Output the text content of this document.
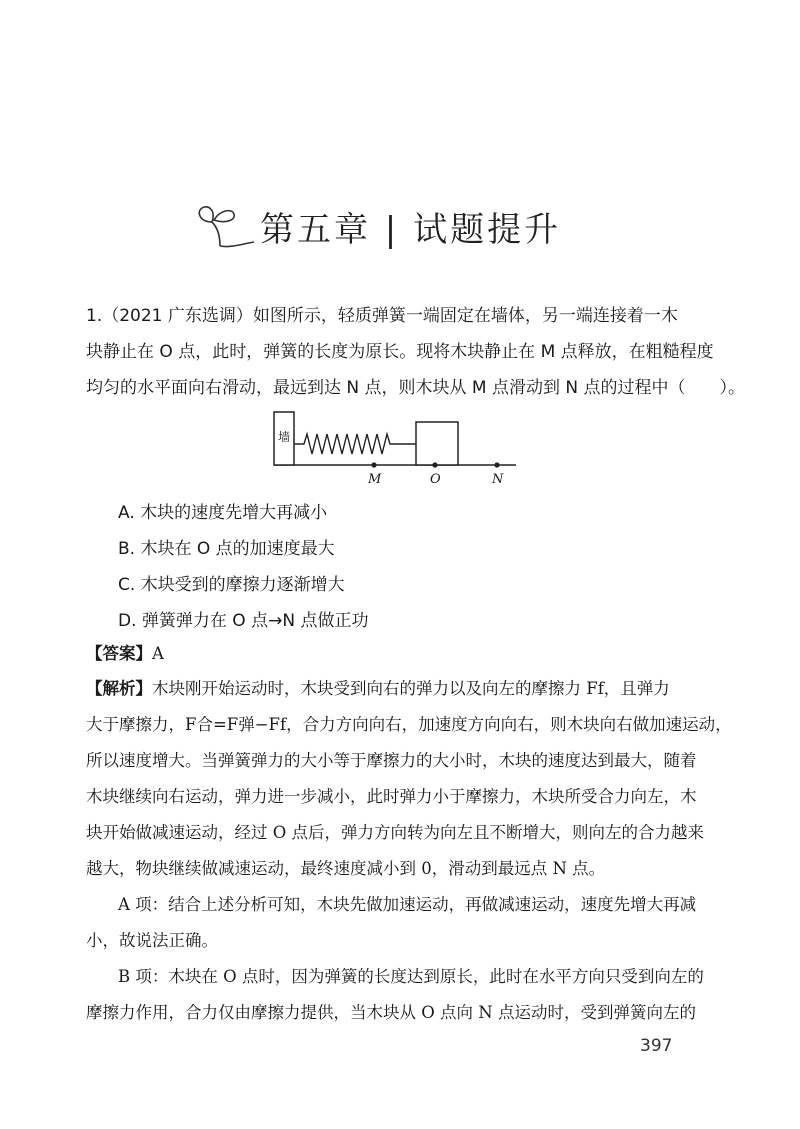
第五章 | 试题提升
1.（2021 广东选调）如图所示，轻质弹簧一端固定在墙体，另一端连接着一木
块静止在 O 点，此时，弹簧的长度为原长。现将木块静止在 M 点释放，在粗糙程度
均匀的水平面向右滑动，最远到达 N 点，则木块从 M 点滑动到 N 点的过程中（　　）。
墙
M	O	N
A. 木块的速度先增大再减小
B. 木块在 O 点的加速度最大
C. 木块受到的摩擦力逐渐增大
D. 弹簧弹力在 O 点→N 点做正功
【答案】A
【解析】木块刚开始运动时，木块受到向右的弹力以及向左的摩擦力 Ff，且弹力
大于摩擦力，F合=F弹−Ff，合力方向向右，加速度方向向右，则木块向右做加速运动，
所以速度增大。当弹簧弹力的大小等于摩擦力的大小时，木块的速度达到最大，随着
木块继续向右运动，弹力进一步减小，此时弹力小于摩擦力，木块所受合力向左，木
块开始做减速运动，经过 O 点后，弹力方向转为向左且不断增大，则向左的合力越来
越大，物块继续做减速运动，最终速度减小到 0，滑动到最远点 N 点。
A 项：结合上述分析可知，木块先做加速运动，再做减速运动，速度先增大再减
小，故说法正确。
B 项：木块在 O 点时，因为弹簧的长度达到原长，此时在水平方向只受到向左的
摩擦力作用，合力仅由摩擦力提供，当木块从 O 点向 N 点运动时，受到弹簧向左的
397
